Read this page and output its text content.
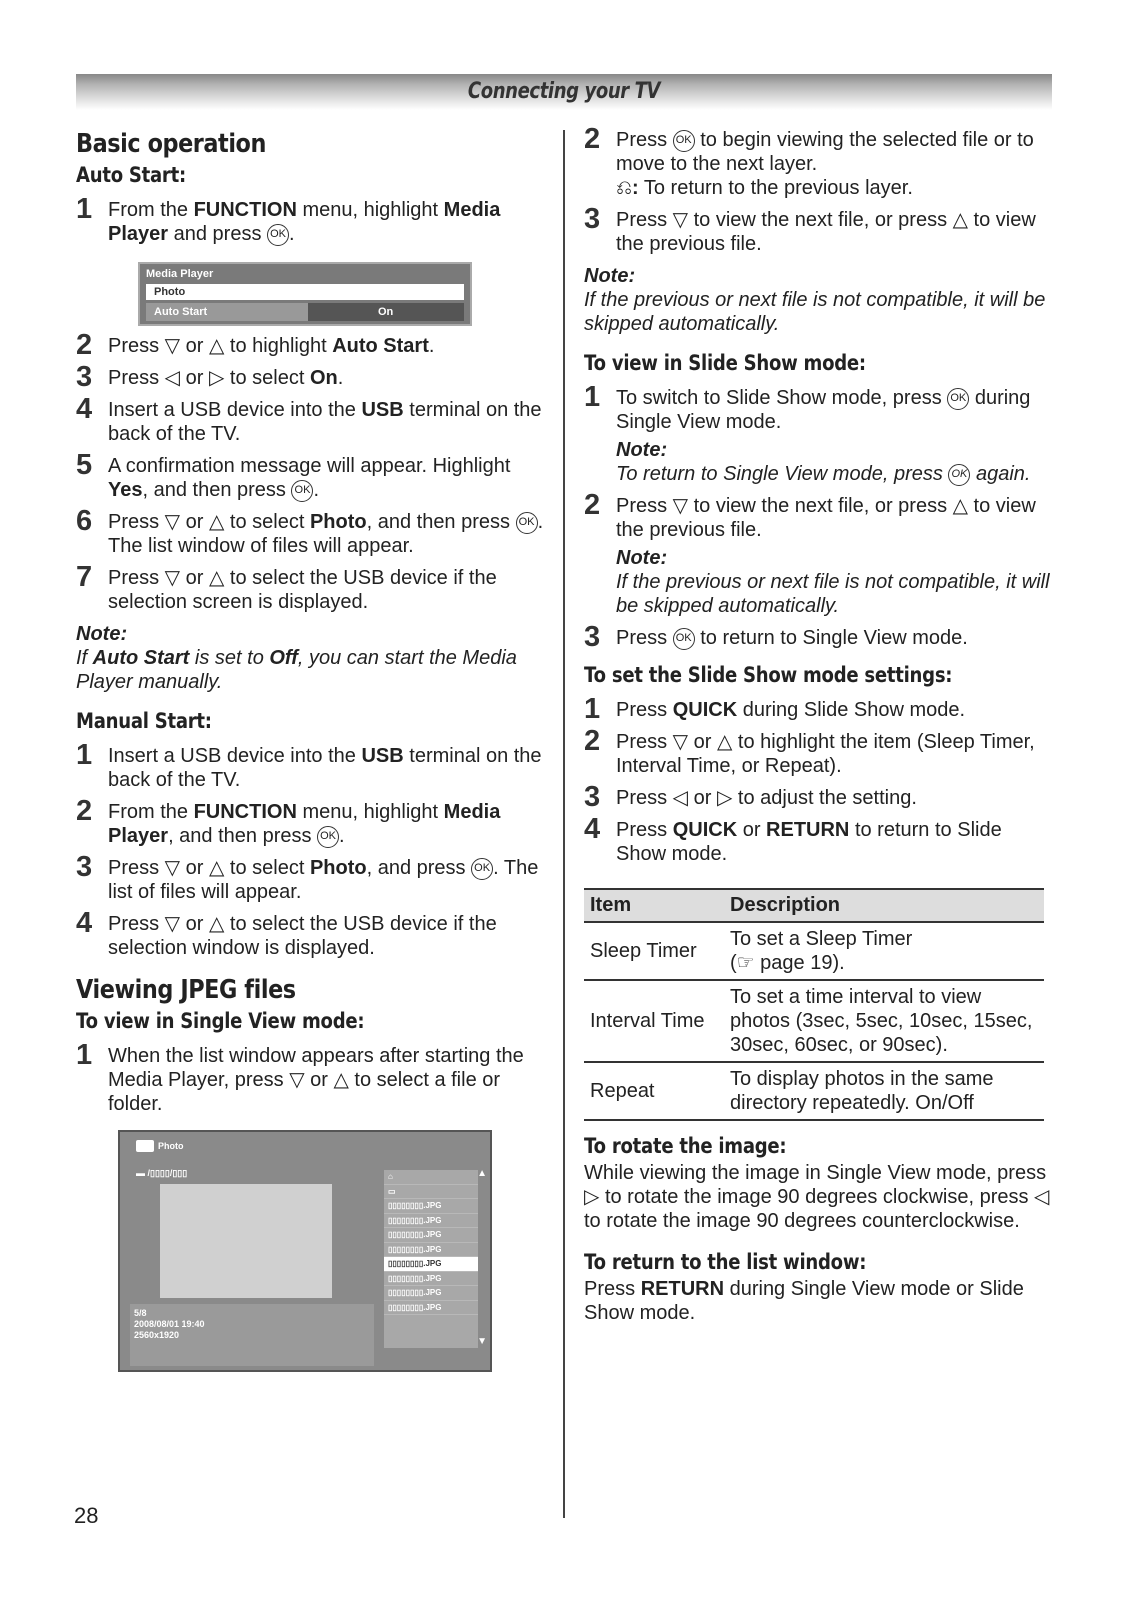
Connecting your TV
Basic operation
Auto Start:
1 From the FUNCTION menu, highlight Media Player and press OK .
Media Player
Photo
Auto Start	On
2 Press ▽ or △ to highlight Auto Start.
3 Press ◁ or ▷ to select On.
4 Insert a USB device into the USB terminal on the back of the TV.
5 A confirmation message will appear. Highlight Yes, and then press OK .
6 Press ▽ or △ to select Photo, and then press OK . The list window of files will appear.
7 Press ▽ or △ to select the USB device if the selection screen is displayed.
Note:
If Auto Start is set to Off, you can start the Media Player manually.
Manual Start:
1 Insert a USB device into the USB terminal on the back of the TV.
2 From the FUNCTION menu, highlight Media Player, and then press OK .
3 Press ▽ or △ to select Photo, and press OK . The list of files will appear.
4 Press ▽ or △ to select the USB device if the selection window is displayed.
Viewing JPEG files
To view in Single View mode:
1 When the list window appears after starting the Media Player, press ▽ or △ to select a file or folder.
Photo
▬ /▯▯▯▯/▯▯▯
5/8
2008/08/01 19:40
2560x1920
⌂
▭
▯▯▯▯▯▯▯▯.JPG
▯▯▯▯▯▯▯▯.JPG
▯▯▯▯▯▯▯▯.JPG
▯▯▯▯▯▯▯▯.JPG
▯▯▯▯▯▯▯▯.JPG
▯▯▯▯▯▯▯▯.JPG
▯▯▯▯▯▯▯▯.JPG
▯▯▯▯▯▯▯▯.JPG
▲
▼
2 Press OK to begin viewing the selected file or to move to the next layer.
⎌: To return to the previous layer.
3 Press ▽ to view the next file, or press △ to view the previous file.
Note:
If the previous or next file is not compatible, it will be skipped automatically.
To view in Slide Show mode:
1 To switch to Slide Show mode, press OK during Single View mode.
Note:
To return to Single View mode, press OK again.
2 Press ▽ to view the next file, or press △ to view the previous file.
Note:
If the previous or next file is not compatible, it will be skipped automatically.
3 Press OK to return to Single View mode.
To set the Slide Show mode settings:
1 Press QUICK during Slide Show mode.
2 Press ▽ or △ to highlight the item (Sleep Timer, Interval Time, or Repeat).
3 Press ◁ or ▷ to adjust the setting.
4 Press QUICK or RETURN to return to Slide Show mode.
Item	Description
Sleep Timer	To set a Sleep Timer
(☞ page 19).
Interval Time	To set a time interval to view photos (3sec, 5sec, 10sec, 15sec, 30sec, 60sec, or 90sec).
Repeat	To display photos in the same directory repeatedly. On/Off
To rotate the image:
While viewing the image in Single View mode, press ▷ to rotate the image 90 degrees clockwise, press ◁ to rotate the image 90 degrees counterclockwise.
To return to the list window:
Press RETURN during Single View mode or Slide Show mode.
28
